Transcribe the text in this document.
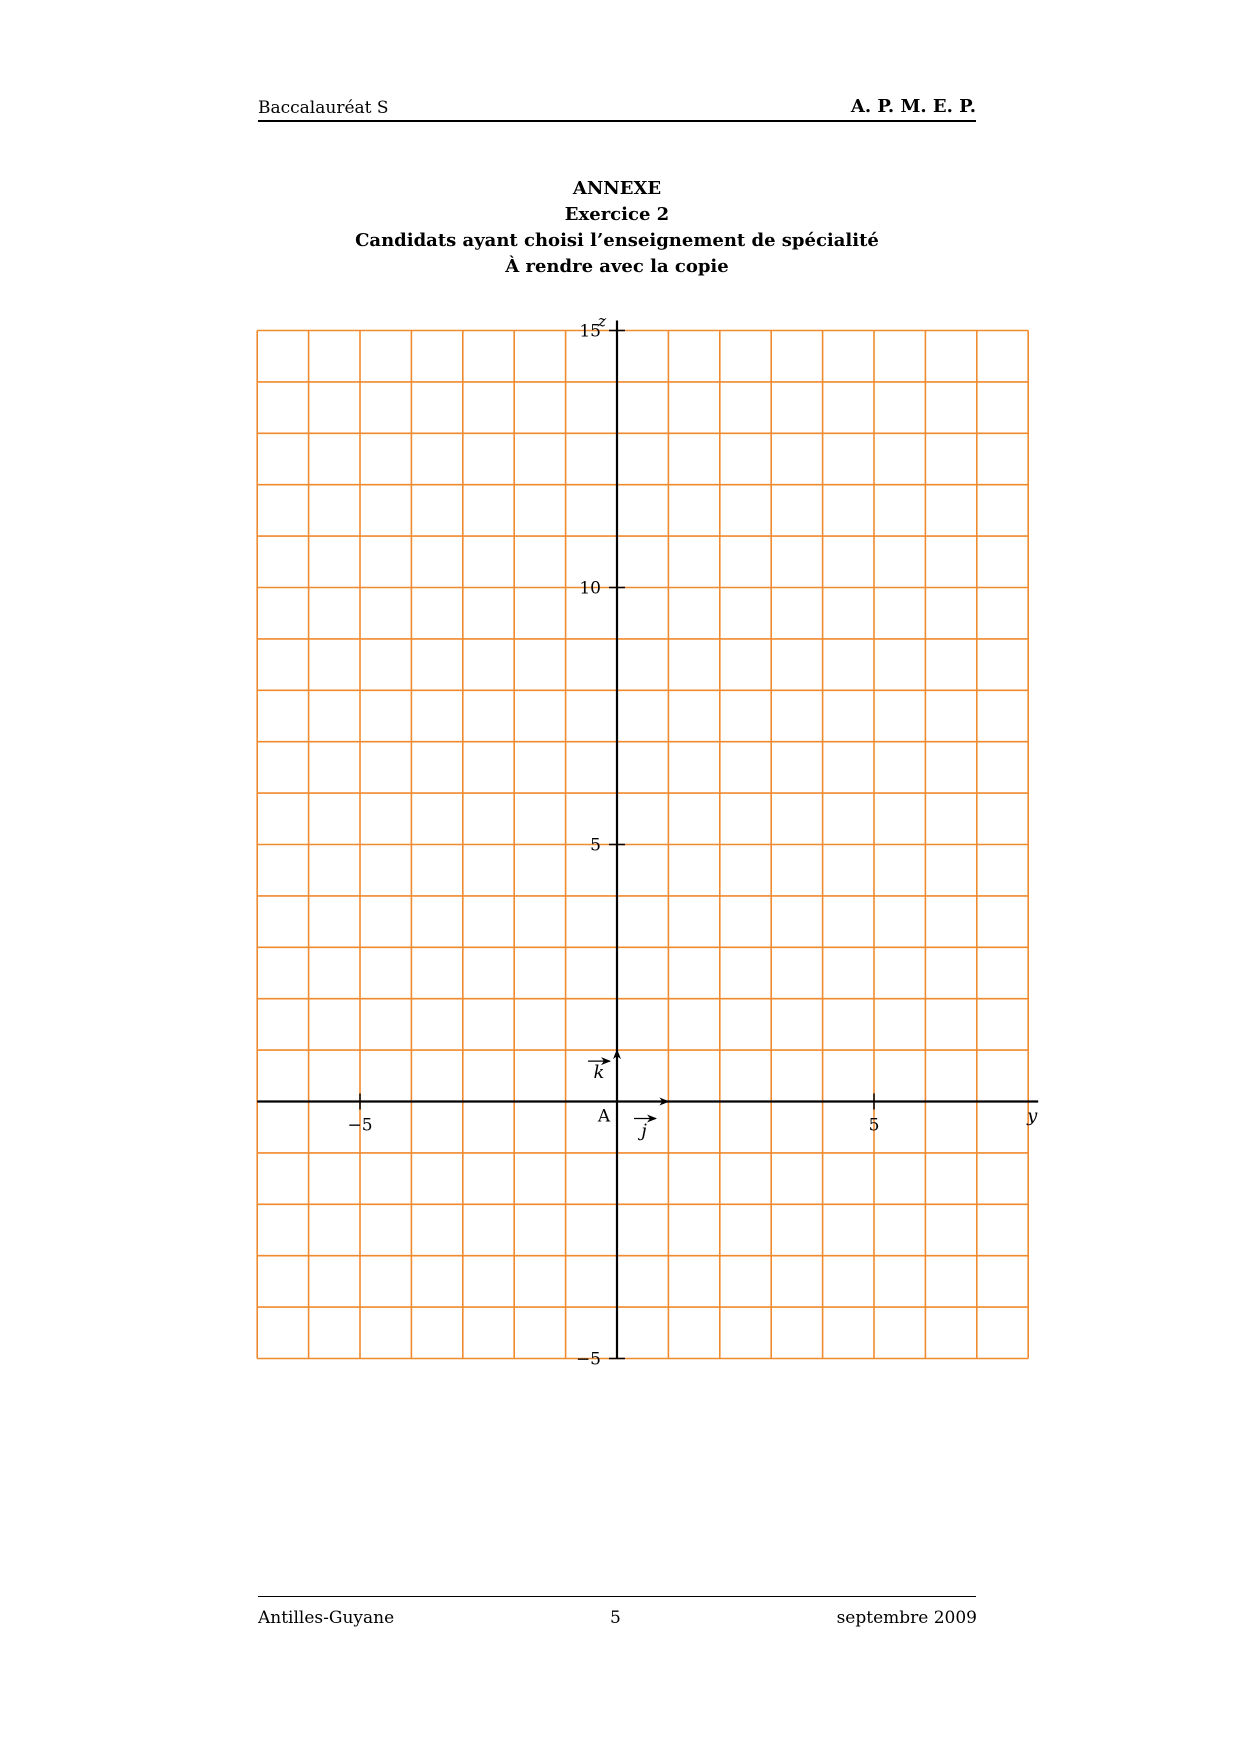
Baccalauréat S	A. P. M. E. P.
ANNEXE
Exercice 2
Candidats ayant choisi l’enseignement de spécialité
À rendre avec la copie
−5	5
15
10
5
−5
y
z
A
j
k
Antilles-Guyane	5	septembre 2009
